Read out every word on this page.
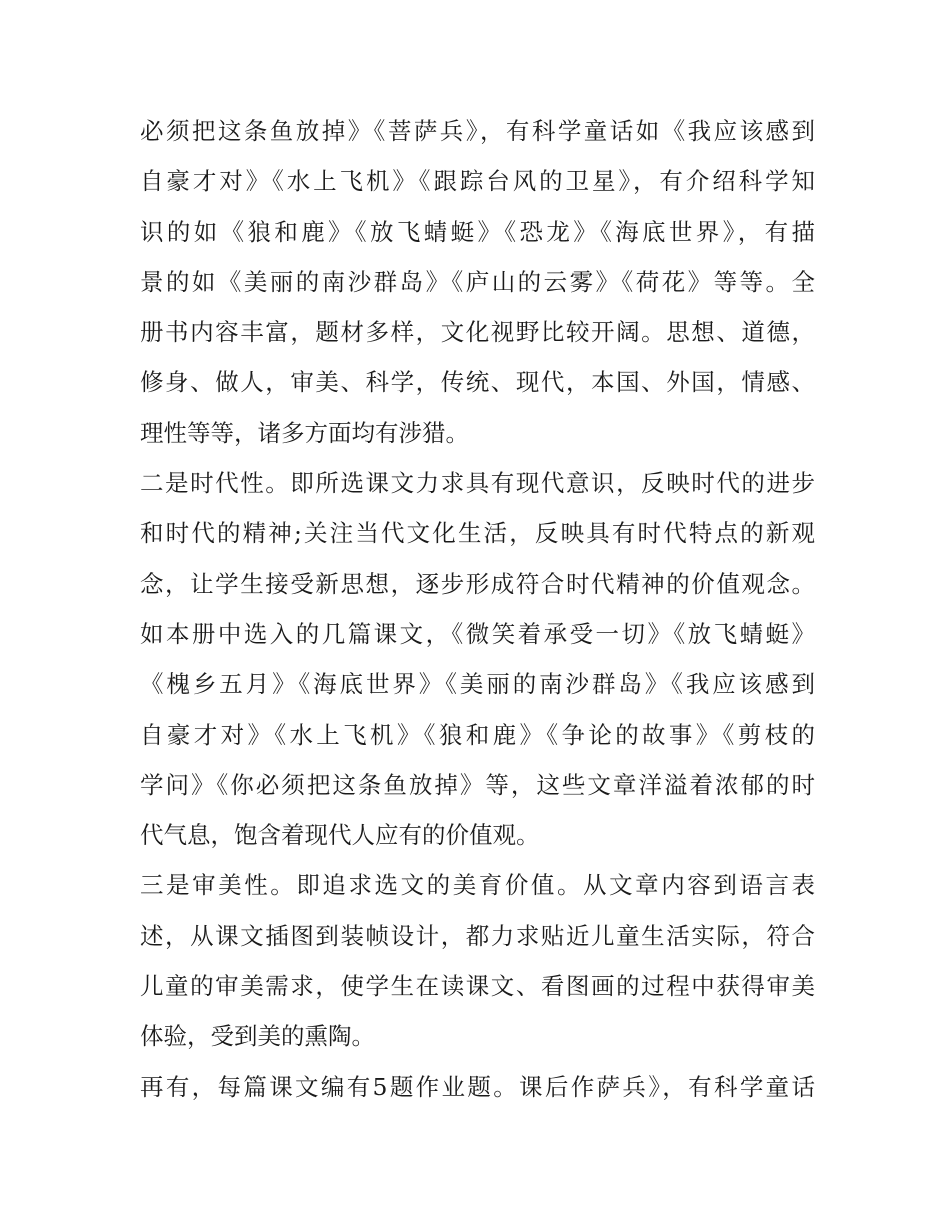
必须把这条鱼放掉》《菩萨兵》，有科学童话如《我应该感到
自豪才对》《水上飞机》《跟踪台风的卫星》，有介绍科学知
识的如《狼和鹿》《放飞蜻蜓》《恐龙》《海底世界》，有描
景的如《美丽的南沙群岛》《庐山的云雾》《荷花》等等。全
册书内容丰富，题材多样，文化视野比较开阔。思想、道德，
修身、做人，审美、科学，传统、现代，本国、外国，情感、
理性等等，诸多方面均有涉猎。
二是时代性。即所选课文力求具有现代意识，反映时代的进步
和时代的精神;关注当代文化生活，反映具有时代特点的新观
念，让学生接受新思想，逐步形成符合时代精神的价值观念。
如本册中选入的几篇课文，《微笑着承受一切》《放飞蜻蜓》
《槐乡五月》《海底世界》《美丽的南沙群岛》《我应该感到
自豪才对》《水上飞机》《狼和鹿》《争论的故事》《剪枝的
学问》《你必须把这条鱼放掉》等，这些文章洋溢着浓郁的时
代气息，饱含着现代人应有的价值观。
三是审美性。即追求选文的美育价值。从文章内容到语言表
述，从课文插图到装帧设计，都力求贴近儿童生活实际，符合
儿童的审美需求，使学生在读课文、看图画的过程中获得审美
体验，受到美的熏陶。
再有，每篇课文编有5题作业题。课后作萨兵》，有科学童话
